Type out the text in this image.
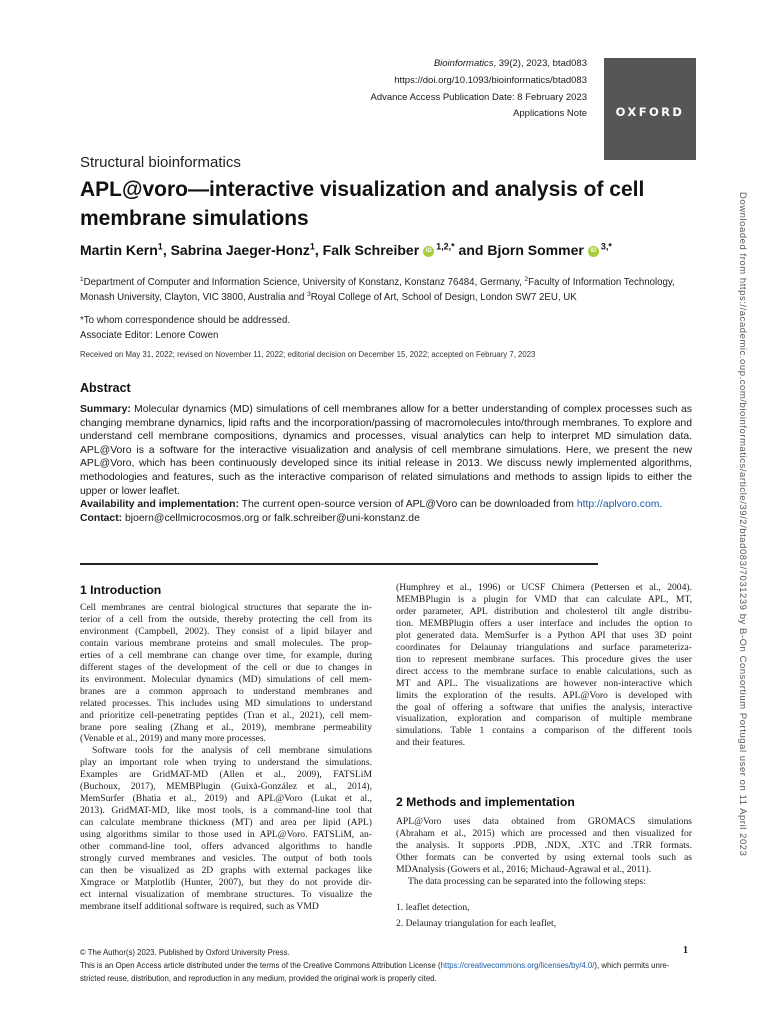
Bioinformatics, 39(2), 2023, btad083
https://doi.org/10.1093/bioinformatics/btad083
Advance Access Publication Date: 8 February 2023
Applications Note	OXFORD
Structural bioinformatics
APL@voro—interactive visualization and analysis of cell membrane simulations
Martin Kern$^1$, Sabrina Jaeger-Honz$^1$, Falk Schreiber iD $^{1,2,*}$ and Bjorn Sommer iD $^{3,*}$
$^1$Department of Computer and Information Science, University of Konstanz, Konstanz 76484, Germany, $^2$Faculty of Information Technology, Monash University, Clayton, VIC 3800, Australia and $^3$Royal College of Art, School of Design, London SW7 2EU, UK
*To whom correspondence should be addressed.
Associate Editor: Lenore Cowen
Received on May 31, 2022; revised on November 11, 2022; editorial decision on December 15, 2022; accepted on February 7, 2023
Abstract

Summary: Molecular dynamics (MD) simulations of cell membranes allow for a better understanding of complex processes such as changing membrane dynamics, lipid rafts and the incorporation/passing of macromolecules into/through membranes. To explore and understand cell membrane compositions, dynamics and processes, visual analytics can help to interpret MD simulation data. APL@Voro is a software for the interactive visualization and analysis of cell membrane simulations. Here, we present the new APL@Voro, which has been continuously developed since its initial release in 2013. We discuss newly implemented algorithms, methodologies and features, such as the interactive comparison of related simulations and methods to assign lipids to either the upper or lower leaflet.

Availability and implementation: The current open-source version of APL@Voro can be downloaded from http://aplvoro.com.

Contact: bjoern@cellmicrocosmos.org or falk.schreiber@uni-konstanz.de

1 Introduction
Cell membranes are central biological structures that separate the in-
terior of a cell from the outside, thereby protecting the cell from its
environment (Campbell, 2002). They consist of a lipid bilayer and
contain various membrane proteins and small molecules. The prop-
erties of a cell membrane can change over time, for example, during
different stages of the development of the cell or due to changes in
its environment. Molecular dynamics (MD) simulations of cell mem-
branes are a common approach to understand membranes and
related processes. This includes using MD simulations to understand
and prioritize cell-penetrating peptides (Tran et al., 2021), cell mem-
brane pore sealing (Zhang et al., 2019), membrane permeability
(Venable et al., 2019) and many more processes.
Software tools for the analysis of cell membrane simulations
play an important role when trying to understand the simulations.
Examples are GridMAT-MD (Allen et al., 2009), FATSLiM
(Buchoux, 2017), MEMBPlugin (Guixà-González et al., 2014),
MemSurfer (Bhatia et al., 2019) and APL@Voro (Lukat et al.,
2013). GridMAT-MD, like most tools, is a command-line tool that
can calculate membrane thickness (MT) and area per lipid (APL)
using algorithms similar to those used in APL@Voro. FATSLiM, an-
other command-line tool, offers advanced algorithms to handle
strongly curved membranes and vesicles. The output of both tools
can then be visualized as 2D graphs with external packages like
Xmgrace or Matplotlib (Hunter, 2007), but they do not provide dir-
ect internal visualization of membrane structures. To visualize the
membrane itself additional software is required, such as VMD
(Humphrey et al., 1996) or UCSF Chimera (Pettersen et al., 2004).
MEMBPlugin is a plugin for VMD that can calculate APL, MT,
order parameter, APL distribution and cholesterol tilt angle distribu-
tion. MEMBPlugin offers a user interface and includes the option to
plot generated data. MemSurfer is a Python API that uses 3D point
coordinates for Delaunay triangulations and surface parameteriza-
tion to represent membrane surfaces. This procedure gives the user
direct access to the membrane surface to enable calculations, such as
MT and APL. The visualizations are however non-interactive which
limits the exploration of the results. APL@Voro is developed with
the goal of offering a software that unifies the analysis, interactive
visualization, exploration and comparison of multiple membrane
simulations. Table 1 contains a comparison of the different tools
and their features.
2 Methods and implementation
APL@Voro uses data obtained from GROMACS simulations
(Abraham et al., 2015) which are processed and then visualized for
the analysis. It supports .PDB, .NDX, .XTC and .TRR formats.
Other formats can be converted by using external tools such as
MDAnalysis (Gowers et al., 2016; Michaud-Agrawal et al., 2011).
The data processing can be separated into the following steps:
1. leaflet detection,
2. Delaunay triangulation for each leaflet,
© The Author(s) 2023. Published by Oxford University Press.	1
This is an Open Access article distributed under the terms of the Creative Commons Attribution License (https://creativecommons.org/licenses/by/4.0/), which permits unre-
stricted reuse, distribution, and reproduction in any medium, provided the original work is properly cited.
Downloaded from https://academic.oup.com/bioinformatics/article/39/2/btad083/7031239 by B-On Consortium Portugal user on 11 April 2023
